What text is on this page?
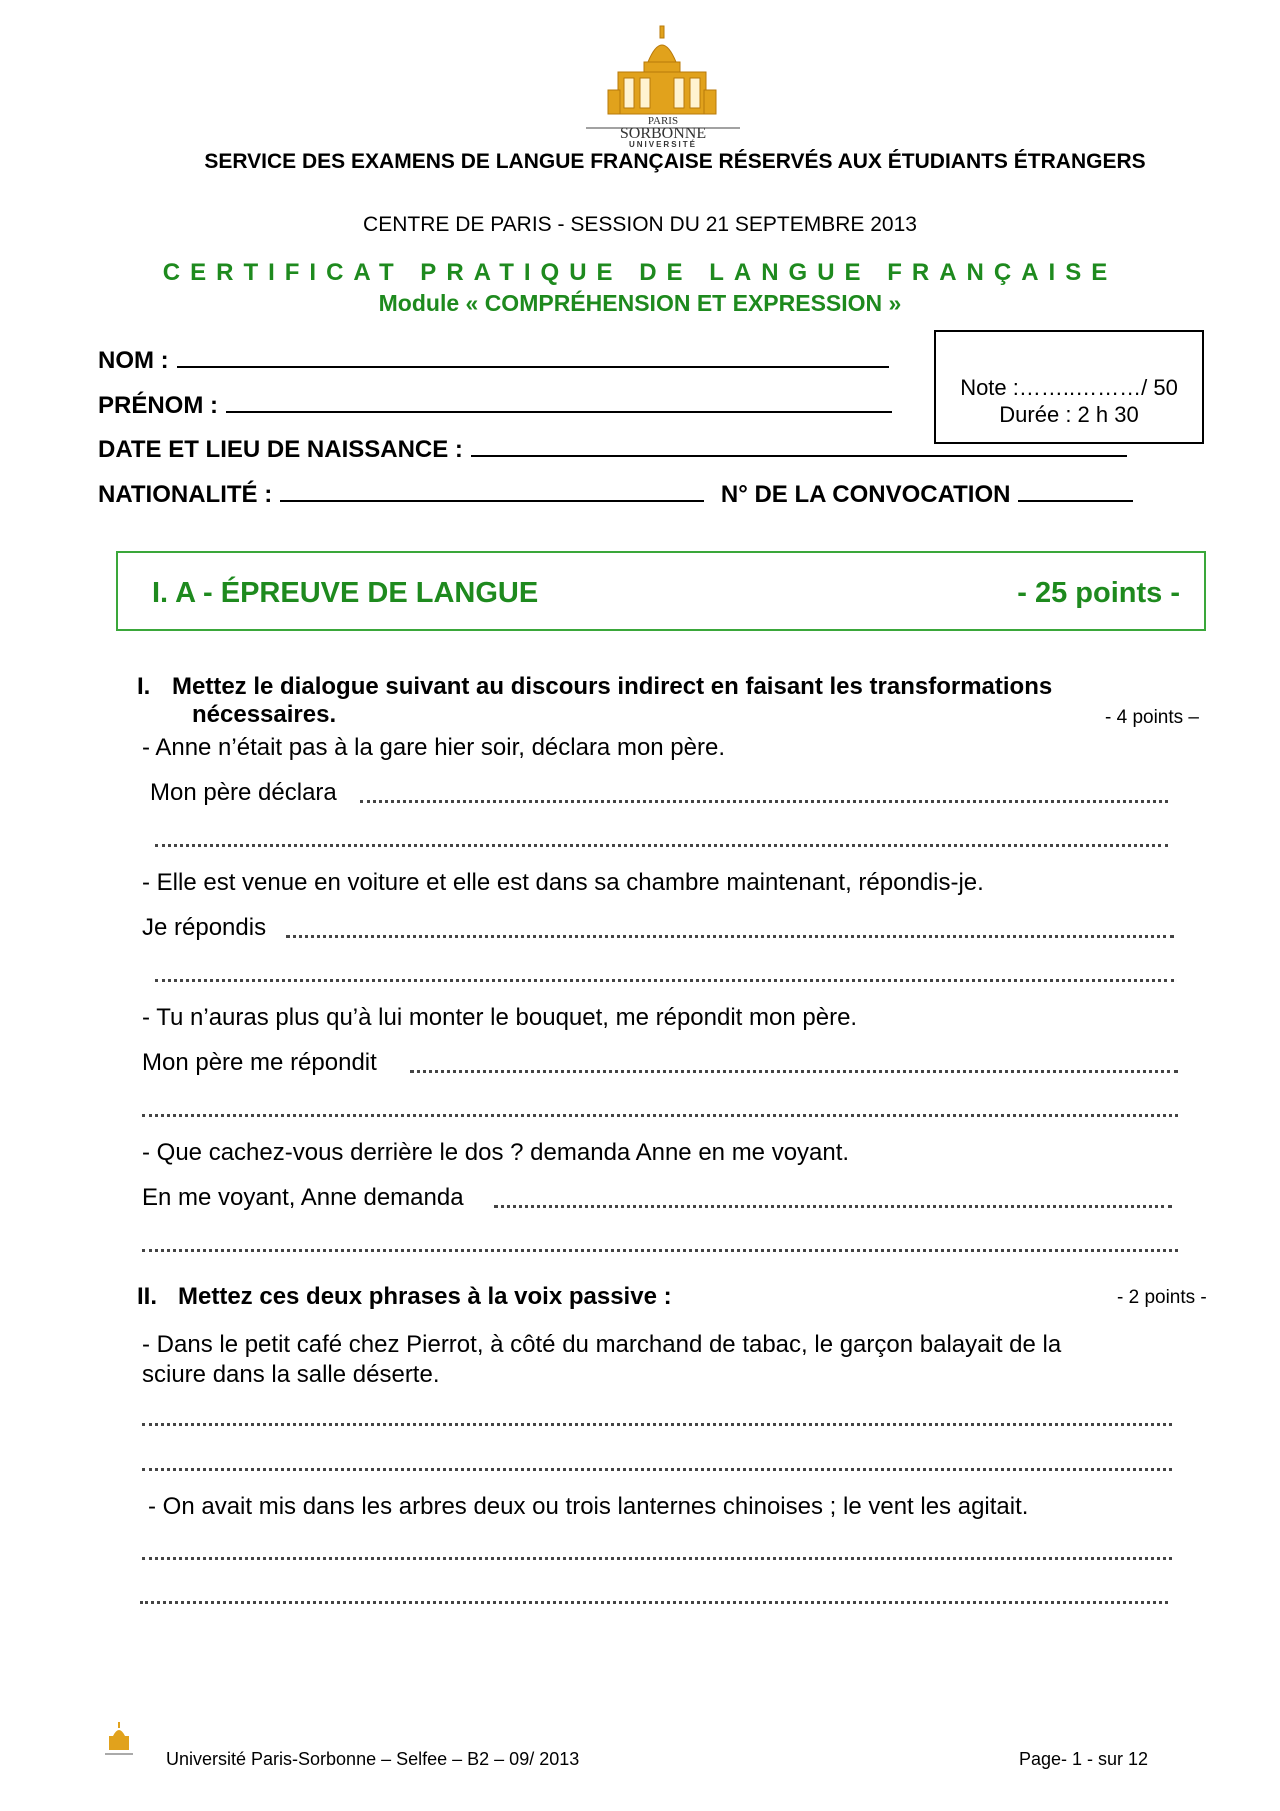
PARIS
SORBONNE
UNIVERSITÉ
SERVICE DES EXAMENS DE LANGUE FRANÇAISE RÉSERVÉS AUX ÉTUDIANTS ÉTRANGERS
CENTRE DE PARIS - SESSION DU 21 SEPTEMBRE 2013
CERTIFICAT PRATIQUE DE LANGUE FRANÇAISE
Module « COMPRÉHENSION ET EXPRESSION »
NOM :
PRÉNOM :
DATE ET LIEU DE NAISSANCE :
NATIONALITÉ :	N° DE LA CONVOCATION
Note :……..………/ 50
Durée : 2 h 30
I. A - ÉPREUVE DE LANGUE	- 25 points -
I. Mettez le dialogue suivant au discours indirect en faisant les transformations
nécessaires.	- 4 points –
- Anne n’était pas à la gare hier soir, déclara mon père.
Mon père déclara
- Elle est venue en voiture et elle est dans sa chambre maintenant, répondis-je.
Je répondis
- Tu n’auras plus qu’à lui monter le bouquet, me répondit mon père.
Mon père me répondit
- Que cachez-vous derrière le dos ? demanda Anne en me voyant.
En me voyant, Anne demanda
II. Mettez ces deux phrases à la voix passive :	- 2 points -
- Dans le petit café chez Pierrot, à côté du marchand de tabac, le garçon balayait de la
sciure dans la salle déserte.
- On avait mis dans les arbres deux ou trois lanternes chinoises ; le vent les agitait.
Université Paris-Sorbonne – Selfee – B2 – 09/ 2013	Page- 1 - sur 12
